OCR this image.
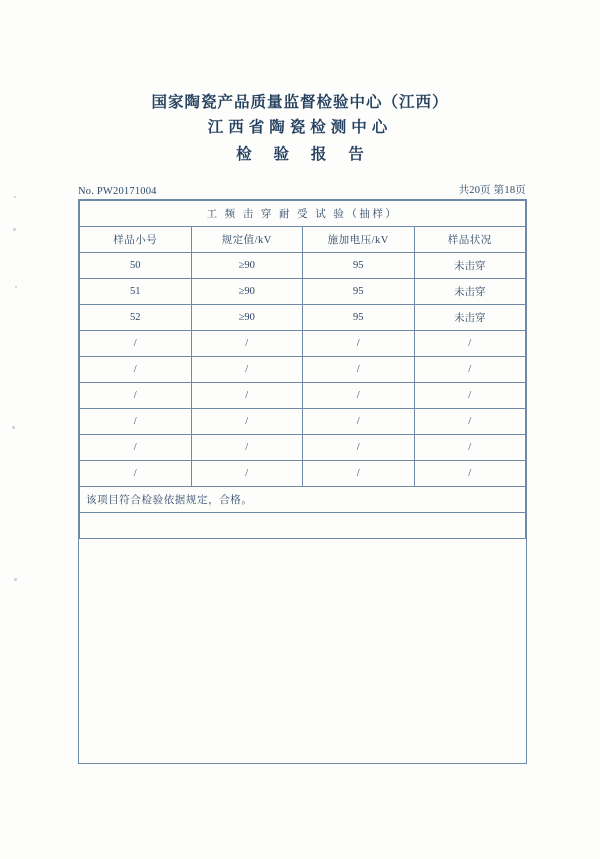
国家陶瓷产品质量监督检验中心（江西）
江西省陶瓷检测中心
检 验 报 告
No. PW20171004	共20页 第18页
工 频 击 穿 耐 受 试 验（抽样）			
样品小号	规定值/kV	施加电压/kV	样品状况
50	≥90	95	未击穿
51	≥90	95	未击穿
52	≥90	95	未击穿
/	/	/	/
/	/	/	/
/	/	/	/
/	/	/	/
/	/	/	/
/	/	/	/
该项目符合检验依据规定，合格。			
